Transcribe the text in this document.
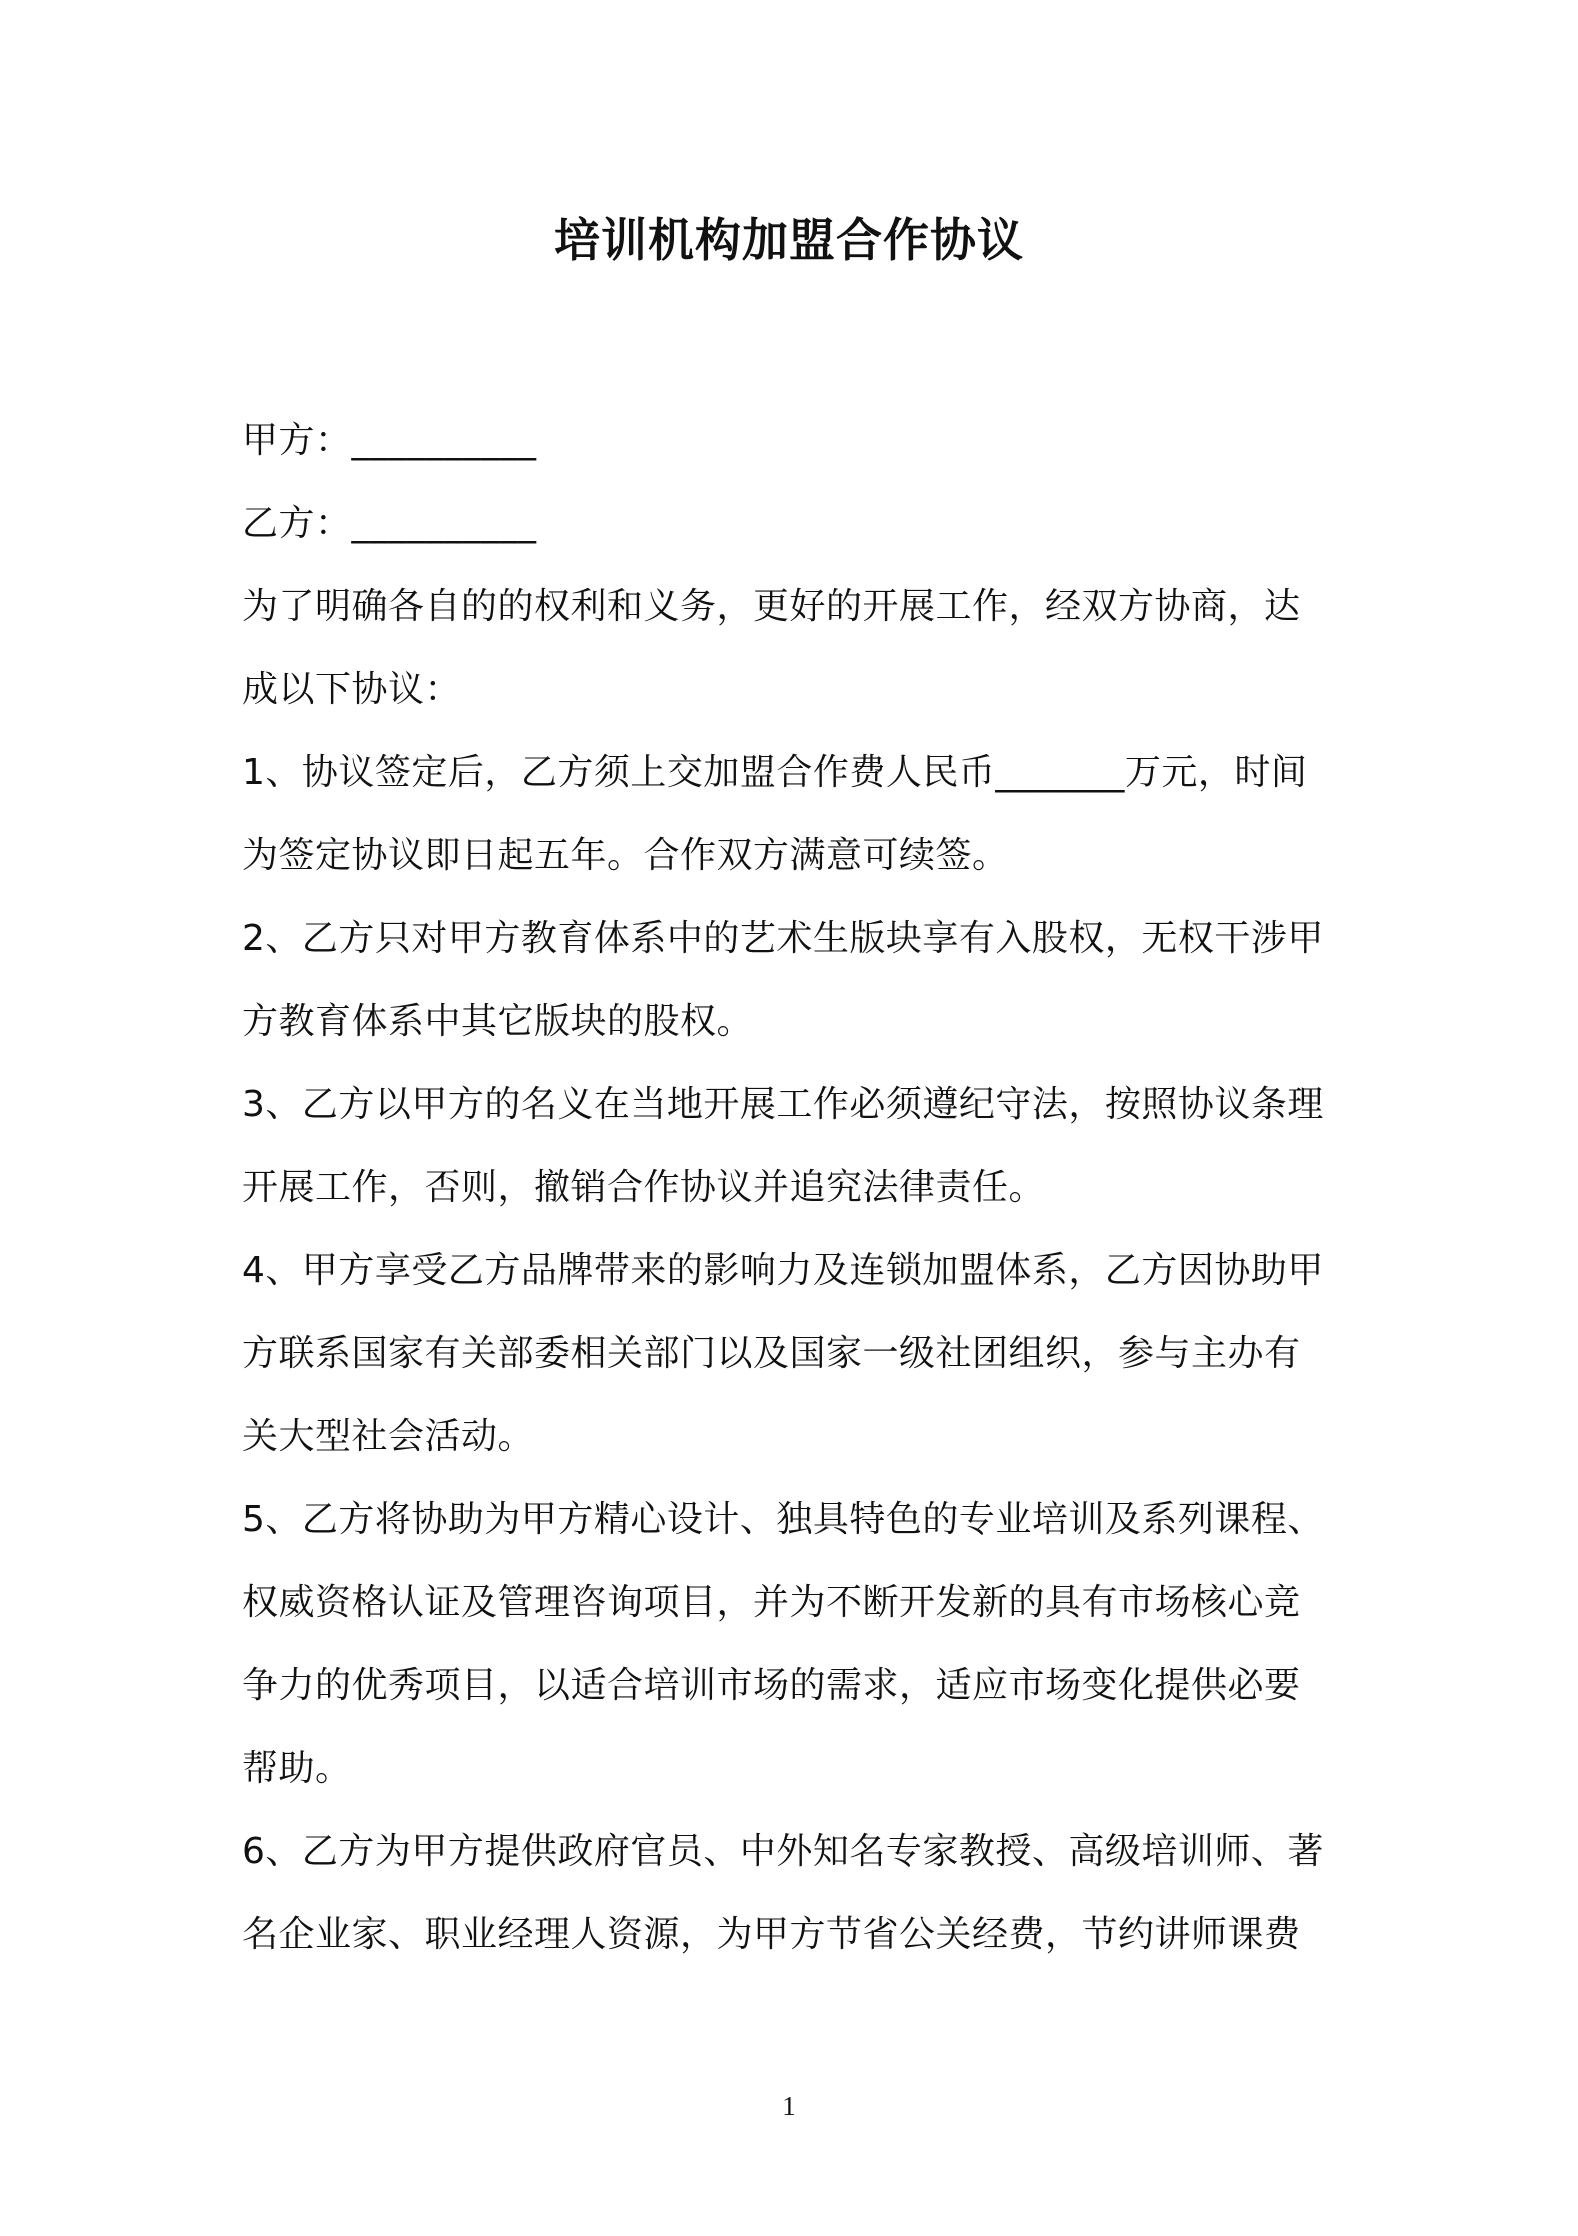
培训机构加盟合作协议
甲方：__________
乙方：__________
为了明确各自的的权利和义务，更好的开展工作，经双方协商，达
成以下协议：
1、协议签定后，乙方须上交加盟合作费人民币_______万元，时间
为签定协议即日起五年。合作双方满意可续签。
2、乙方只对甲方教育体系中的艺术生版块享有入股权，无权干涉甲
方教育体系中其它版块的股权。
3、乙方以甲方的名义在当地开展工作必须遵纪守法，按照协议条理
开展工作，否则，撤销合作协议并追究法律责任。
4、甲方享受乙方品牌带来的影响力及连锁加盟体系，乙方因协助甲
方联系国家有关部委相关部门以及国家一级社团组织，参与主办有
关大型社会活动。
5、乙方将协助为甲方精心设计、独具特色的专业培训及系列课程、
权威资格认证及管理咨询项目，并为不断开发新的具有市场核心竞
争力的优秀项目，以适合培训市场的需求，适应市场变化提供必要
帮助。
6、乙方为甲方提供政府官员、中外知名专家教授、高级培训师、著
名企业家、职业经理人资源，为甲方节省公关经费，节约讲师课费
1
